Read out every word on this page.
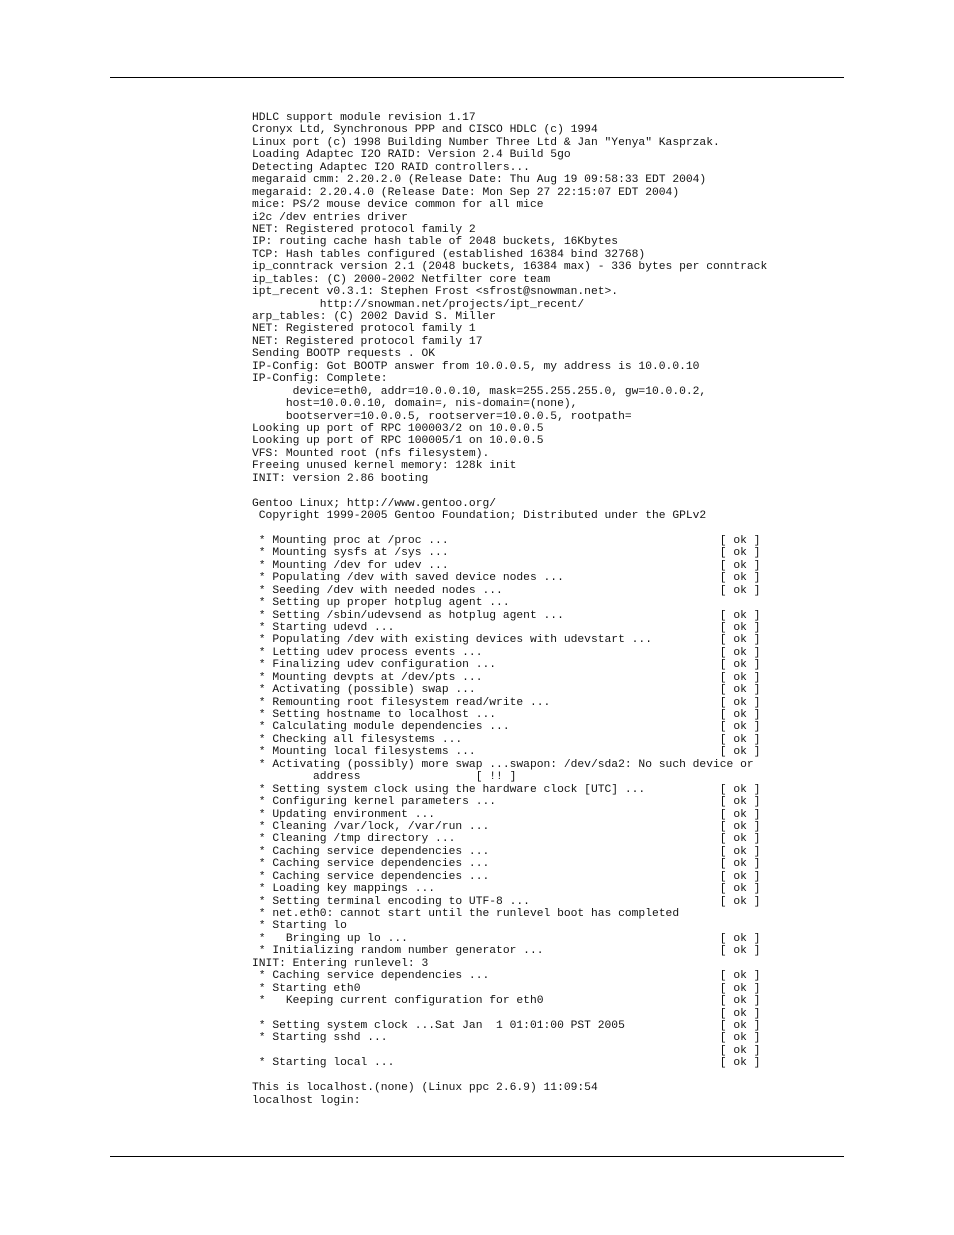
HDLC support module revision 1.17
Cronyx Ltd, Synchronous PPP and CISCO HDLC (c) 1994
Linux port (c) 1998 Building Number Three Ltd & Jan "Yenya" Kasprzak.
Loading Adaptec I2O RAID: Version 2.4 Build 5go
Detecting Adaptec I2O RAID controllers...
megaraid cmm: 2.20.2.0 (Release Date: Thu Aug 19 09:58:33 EDT 2004)
megaraid: 2.20.4.0 (Release Date: Mon Sep 27 22:15:07 EDT 2004)
mice: PS/2 mouse device common for all mice
i2c /dev entries driver
NET: Registered protocol family 2
IP: routing cache hash table of 2048 buckets, 16Kbytes
TCP: Hash tables configured (established 16384 bind 32768)
ip_conntrack version 2.1 (2048 buckets, 16384 max) - 336 bytes per conntrack
ip_tables: (C) 2000-2002 Netfilter core team
ipt_recent v0.3.1: Stephen Frost <sfrost@snowman.net>.
http://snowman.net/projects/ipt_recent/
arp_tables: (C) 2002 David S. Miller
NET: Registered protocol family 1
NET: Registered protocol family 17
Sending BOOTP requests . OK
IP-Config: Got BOOTP answer from 10.0.0.5, my address is 10.0.0.10
IP-Config: Complete:
device=eth0, addr=10.0.0.10, mask=255.255.255.0, gw=10.0.0.2,
host=10.0.0.10, domain=, nis-domain=(none),
bootserver=10.0.0.5, rootserver=10.0.0.5, rootpath=
Looking up port of RPC 100003/2 on 10.0.0.5
Looking up port of RPC 100005/1 on 10.0.0.5
VFS: Mounted root (nfs filesystem).
Freeing unused kernel memory: 128k init
INIT: version 2.86 booting
Gentoo Linux; http://www.gentoo.org/
Copyright 1999-2005 Gentoo Foundation; Distributed under the GPLv2
* Mounting proc at /proc ...                                        [ ok ]
* Mounting sysfs at /sys ...                                        [ ok ]
* Mounting /dev for udev ...                                        [ ok ]
* Populating /dev with saved device nodes ...                       [ ok ]
* Seeding /dev with needed nodes ...                                [ ok ]
* Setting up proper hotplug agent ...
* Setting /sbin/udevsend as hotplug agent ...                       [ ok ]
* Starting udevd ...                                                [ ok ]
* Populating /dev with existing devices with udevstart ...          [ ok ]
* Letting udev process events ...                                   [ ok ]
* Finalizing udev configuration ...                                 [ ok ]
* Mounting devpts at /dev/pts ...                                   [ ok ]
* Activating (possible) swap ...                                    [ ok ]
* Remounting root filesystem read/write ...                         [ ok ]
* Setting hostname to localhost ...                                 [ ok ]
* Calculating module dependencies ...                               [ ok ]
* Checking all filesystems ...                                      [ ok ]
* Mounting local filesystems ...                                    [ ok ]
* Activating (possibly) more swap ...swapon: /dev/sda2: No such device or
address                 [ !! ]
* Setting system clock using the hardware clock [UTC] ...           [ ok ]
* Configuring kernel parameters ...                                 [ ok ]
* Updating environment ...                                          [ ok ]
* Cleaning /var/lock, /var/run ...                                  [ ok ]
* Cleaning /tmp directory ...                                       [ ok ]
* Caching service dependencies ...                                  [ ok ]
* Caching service dependencies ...                                  [ ok ]
* Caching service dependencies ...                                  [ ok ]
* Loading key mappings ...                                          [ ok ]
* Setting terminal encoding to UTF-8 ...                            [ ok ]
* net.eth0: cannot start until the runlevel boot has completed
* Starting lo
*   Bringing up lo ...                                              [ ok ]
* Initializing random number generator ...                          [ ok ]
INIT: Entering runlevel: 3
* Caching service dependencies ...                                  [ ok ]
* Starting eth0                                                     [ ok ]
*   Keeping current configuration for eth0                          [ ok ]
[ ok ]
* Setting system clock ...Sat Jan  1 01:01:00 PST 2005              [ ok ]
* Starting sshd ...                                                 [ ok ]
[ ok ]
* Starting local ...                                                [ ok ]
This is localhost.(none) (Linux ppc 2.6.9) 11:09:54
localhost login:
